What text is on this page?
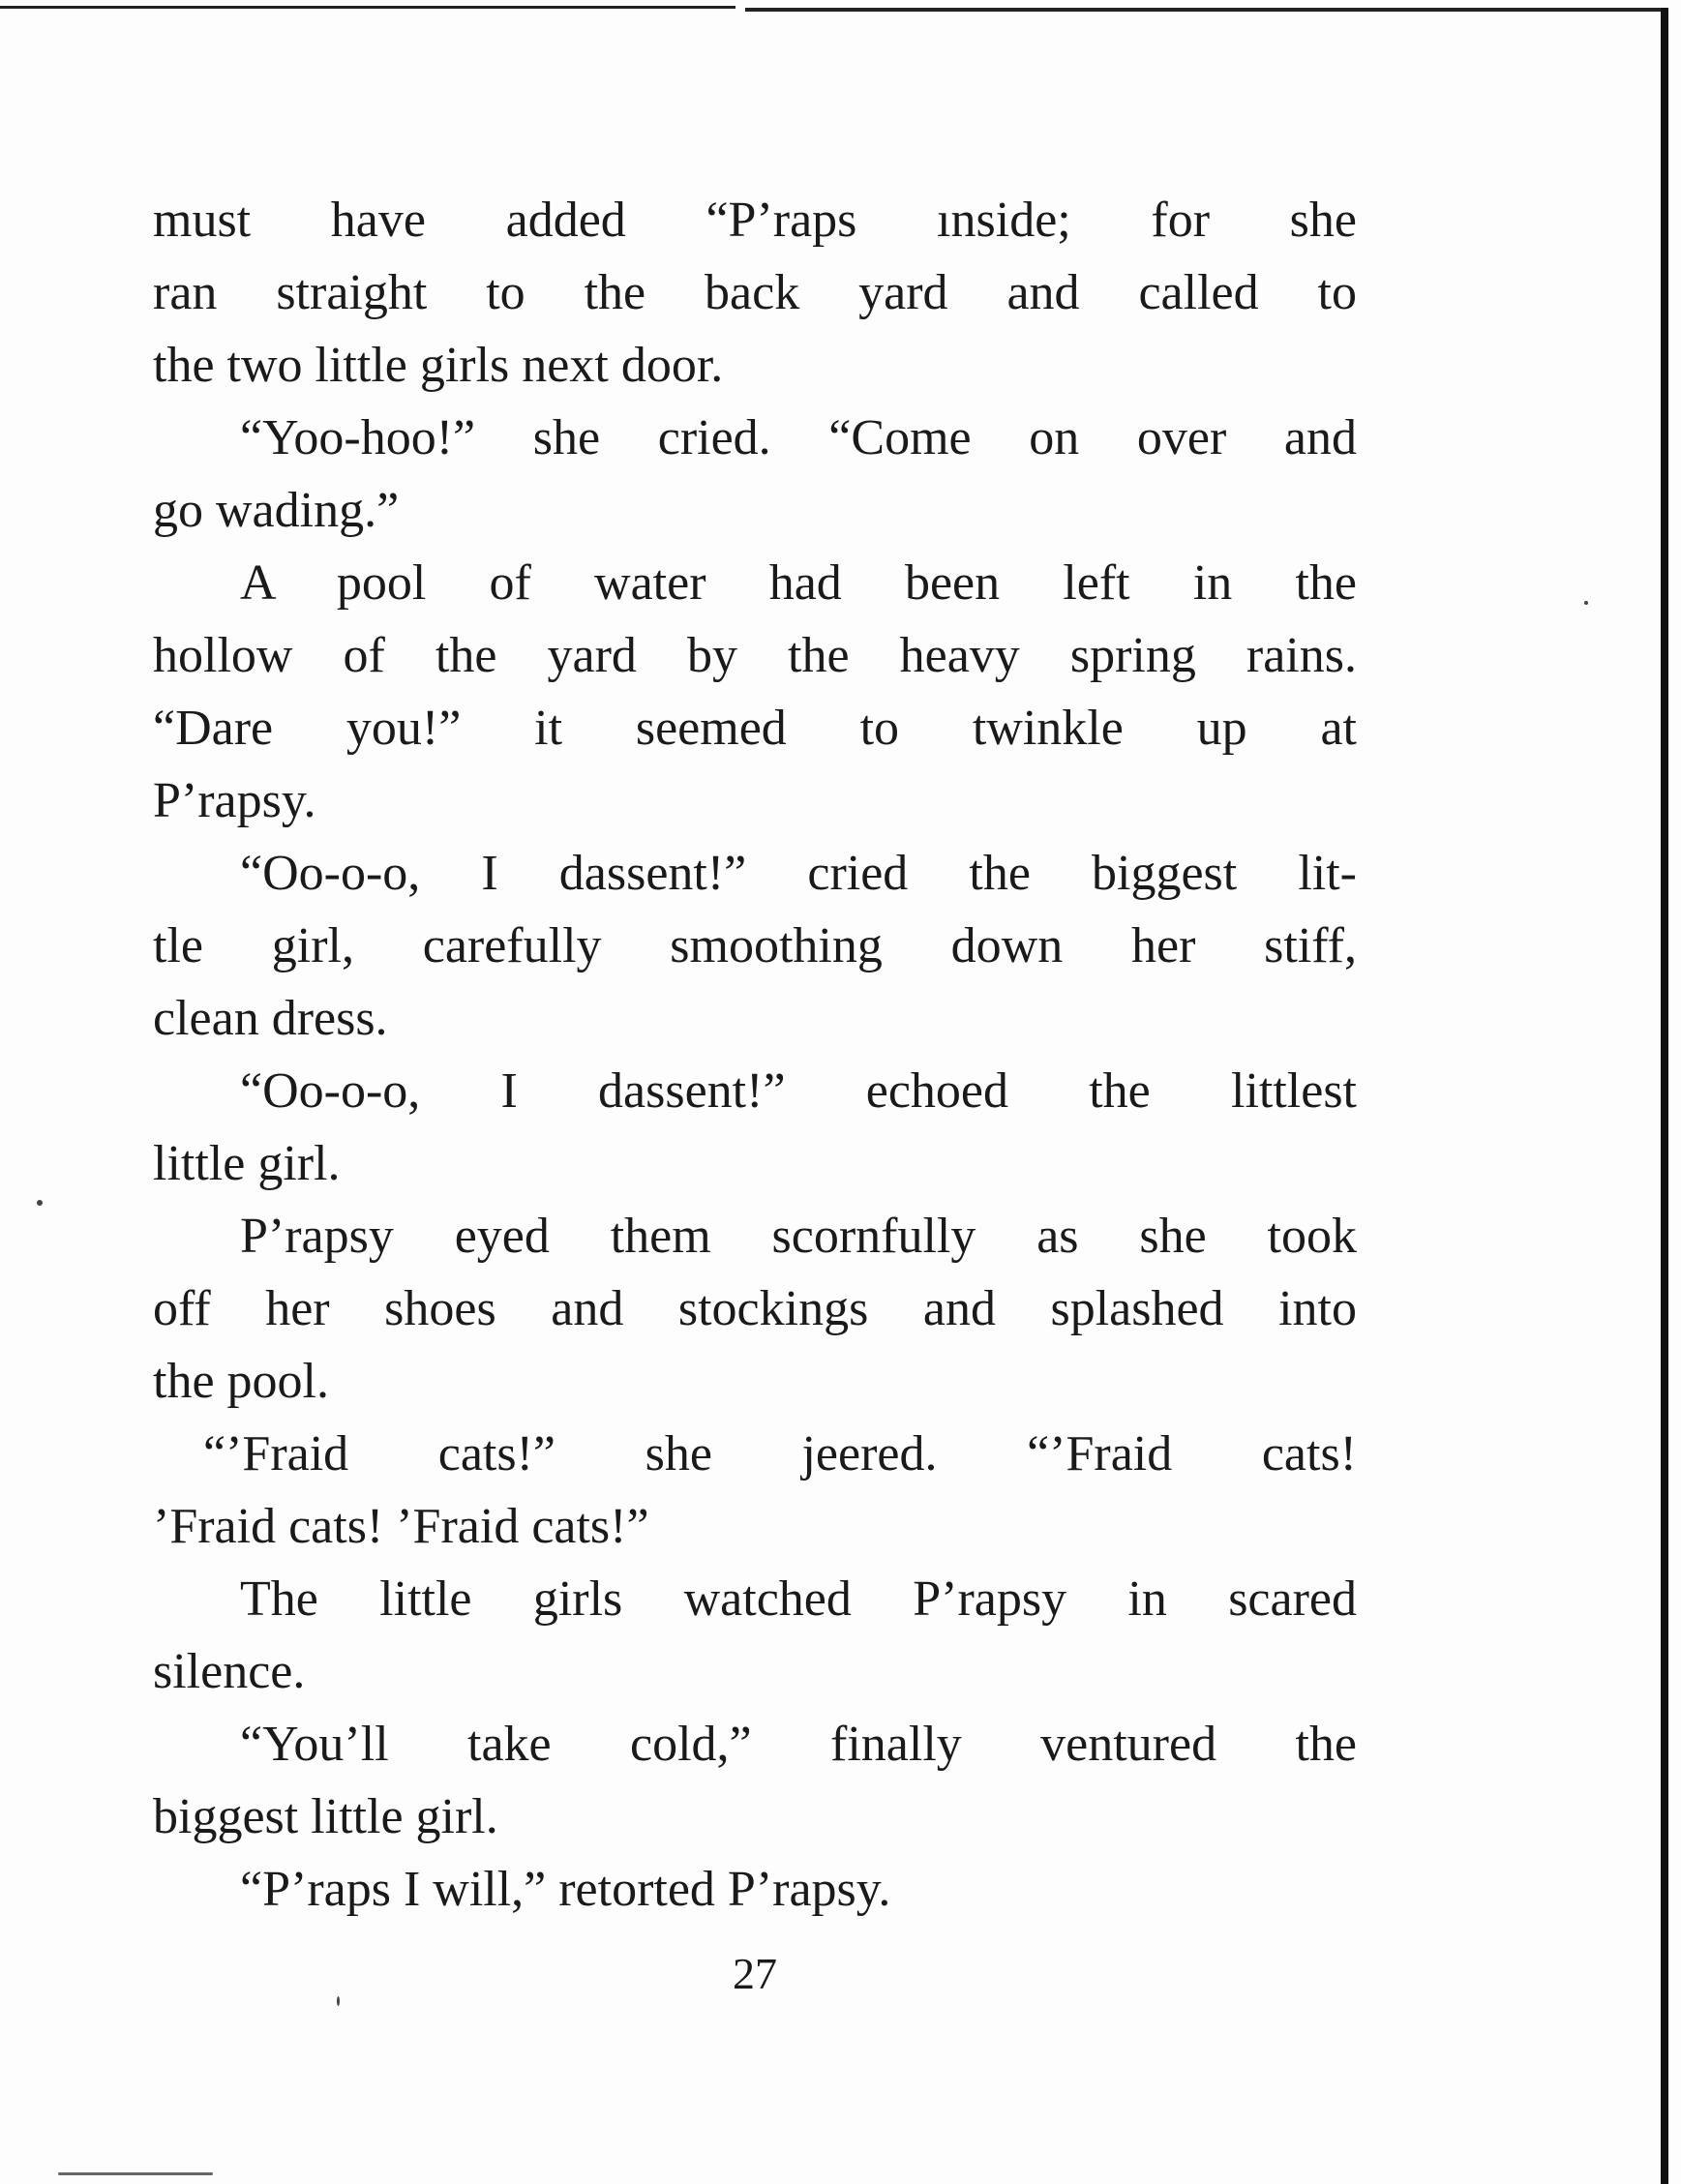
must have added “P’raps ınside; for she
ran straight to the back yard and called to
the two little girls next door.
“Yoo-hoo!” she cried. “Come on over and
go wading.”
A pool of water had been left in the
hollow of the yard by the heavy spring rains.
“Dare you!” it seemed to twinkle up at
P’rapsy.
“Oo-o-o, I dassent!” cried the biggest lit-
tle girl, carefully smoothing down her stiff,
clean dress.
“Oo-o-o, I dassent!” echoed the littlest
little girl.
P’rapsy eyed them scornfully as she took
off her shoes and stockings and splashed into
the pool.
“’Fraid cats!” she jeered. “’Fraid cats!
’Fraid cats! ’Fraid cats!”
The little girls watched P’rapsy in scared
silence.
“You’ll take cold,” finally ventured the
biggest little girl.
“P’raps I will,” retorted P’rapsy.
27
